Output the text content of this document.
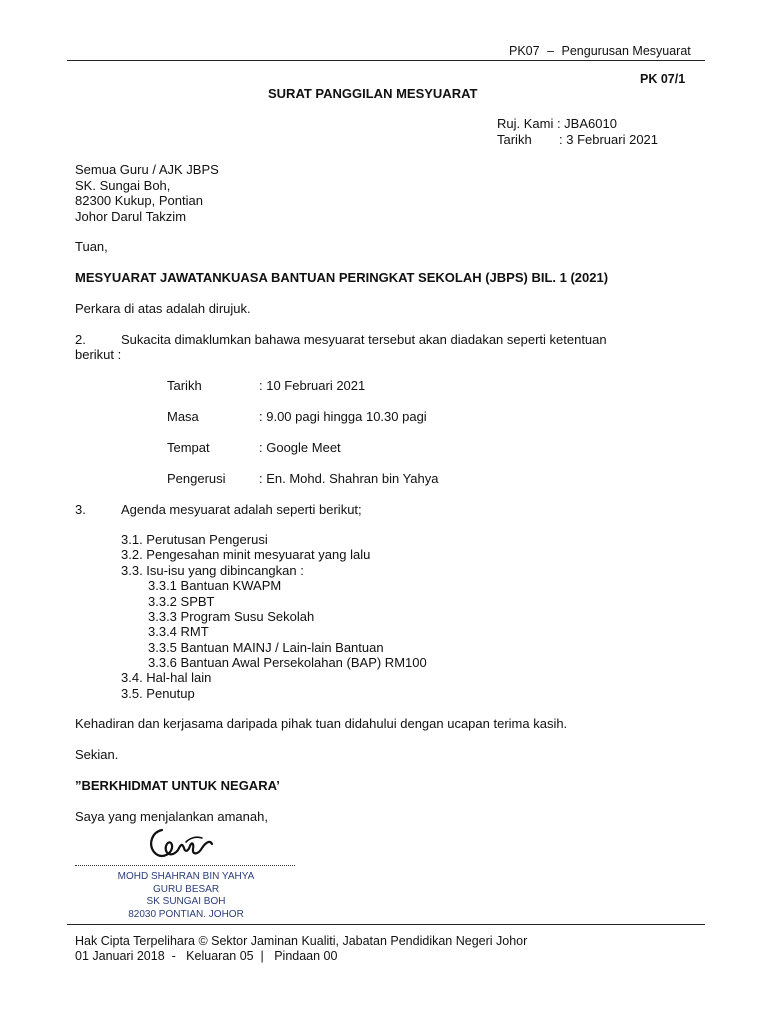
PK07 – Pengurusan Mesyuarat
PK 07/1
SURAT PANGGILAN MESYUARAT
Ruj. Kami : JBA6010
Tarikh : 3 Februari 2021
Semua Guru / AJK JBPS
SK. Sungai Boh,
82300 Kukup, Pontian
Johor Darul Takzim
Tuan,
MESYUARAT JAWATANKUASA BANTUAN PERINGKAT SEKOLAH (JBPS) BIL. 1 (2021)
Perkara di atas adalah dirujuk.
2.	Sukacita dimaklumkan bahawa mesyuarat tersebut akan diadakan seperti ketentuan
berikut :
Tarikh	: 10 Februari 2021
Masa	: 9.00 pagi hingga 10.30 pagi
Tempat	: Google Meet
Pengerusi	: En. Mohd. Shahran bin Yahya
3.	Agenda mesyuarat adalah seperti berikut;
3.1. Perutusan Pengerusi
3.2. Pengesahan minit mesyuarat yang lalu
3.3. Isu-isu yang dibincangkan :
3.3.1 Bantuan KWAPM
3.3.2 SPBT
3.3.3 Program Susu Sekolah
3.3.4 RMT
3.3.5 Bantuan MAINJ / Lain-lain Bantuan
3.3.6 Bantuan Awal Persekolahan (BAP) RM100
3.4. Hal-hal lain
3.5. Penutup
Kehadiran dan kerjasama daripada pihak tuan didahului dengan ucapan terima kasih.
Sekian.
”BERKHIDMAT UNTUK NEGARA’
Saya yang menjalankan amanah,
MOHD SHAHRAN BIN YAHYA
GURU BESAR
SK SUNGAI BOH
82030 PONTIAN. JOHOR
Hak Cipta Terpelihara © Sektor Jaminan Kualiti, Jabatan Pendidikan Negeri Johor
01 Januari 2018  -   Keluaran 05  |   Pindaan 00
